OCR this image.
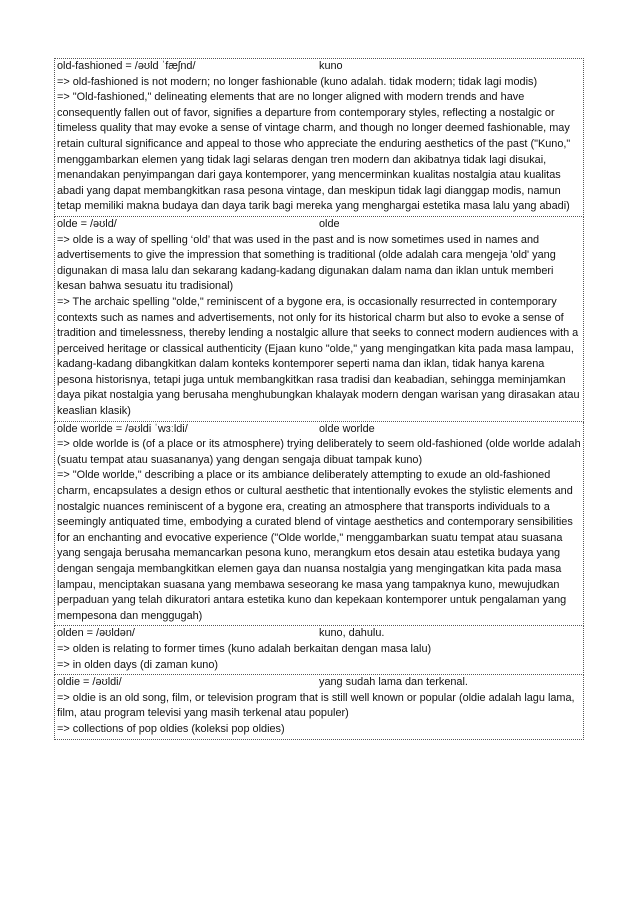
old-fashioned = /əʊld ˈfæʃnd/	kuno

=> old-fashioned is not modern; no longer fashionable (kuno adalah. tidak modern; tidak lagi modis)

=> "Old-fashioned," delineating elements that are no longer aligned with modern trends and have consequently fallen out of favor, signifies a departure from contemporary styles, reflecting a nostalgic or timeless quality that may evoke a sense of vintage charm, and though no longer deemed fashionable, may retain cultural significance and appeal to those who appreciate the enduring aesthetics of the past ("Kuno," menggambarkan elemen yang tidak lagi selaras dengan tren modern dan akibatnya tidak lagi disukai, menandakan penyimpangan dari gaya kontemporer, yang mencerminkan kualitas nostalgia atau kualitas abadi yang dapat membangkitkan rasa pesona vintage, dan meskipun tidak lagi dianggap modis, namun tetap memiliki makna budaya dan daya tarik bagi mereka yang menghargai estetika masa lalu yang abadi)

olde = /əʊld/	olde

=> olde is a way of spelling ‘old’ that was used in the past and is now sometimes used in names and advertisements to give the impression that something is traditional (olde adalah cara mengeja 'old' yang digunakan di masa lalu dan sekarang kadang-kadang digunakan dalam nama dan iklan untuk memberi kesan bahwa sesuatu itu tradisional)

=> The archaic spelling "olde," reminiscent of a bygone era, is occasionally resurrected in contemporary contexts such as names and advertisements, not only for its historical charm but also to evoke a sense of tradition and timelessness, thereby lending a nostalgic allure that seeks to connect modern audiences with a perceived heritage or classical authenticity (Ejaan kuno "olde," yang mengingatkan kita pada masa lampau, kadang-kadang dibangkitkan dalam konteks kontemporer seperti nama dan iklan, tidak hanya karena pesona historisnya, tetapi juga untuk membangkitkan rasa tradisi dan keabadian, sehingga meminjamkan daya pikat nostalgia yang berusaha menghubungkan khalayak modern dengan warisan yang dirasakan atau keaslian klasik)

olde worlde = /əʊldi ˈwɜːldi/	olde worlde

=> olde worlde is (of a place or its atmosphere) trying deliberately to seem old-fashioned (olde worlde adalah (suatu tempat atau suasananya) yang dengan sengaja dibuat tampak kuno)

=> "Olde worlde," describing a place or its ambiance deliberately attempting to exude an old-fashioned charm, encapsulates a design ethos or cultural aesthetic that intentionally evokes the stylistic elements and nostalgic nuances reminiscent of a bygone era, creating an atmosphere that transports individuals to a seemingly antiquated time, embodying a curated blend of vintage aesthetics and contemporary sensibilities for an enchanting and evocative experience ("Olde worlde," menggambarkan suatu tempat atau suasana yang sengaja berusaha memancarkan pesona kuno, merangkum etos desain atau estetika budaya yang dengan sengaja membangkitkan elemen gaya dan nuansa nostalgia yang mengingatkan kita pada masa lampau, menciptakan suasana yang membawa seseorang ke masa yang tampaknya kuno, mewujudkan perpaduan yang telah dikuratori antara estetika kuno dan kepekaan kontemporer untuk pengalaman yang mempesona dan menggugah)

olden = /əʊldən/	kuno, dahulu.

=> olden is relating to former times (kuno adalah berkaitan dengan masa lalu)

=> in olden days (di zaman kuno)

oldie = /əʊldi/	yang sudah lama dan terkenal.

=> oldie is an old song, film, or television program that is still well known or popular (oldie adalah lagu lama, film, atau program televisi yang masih terkenal atau populer)

=> collections of pop oldies (koleksi pop oldies)
